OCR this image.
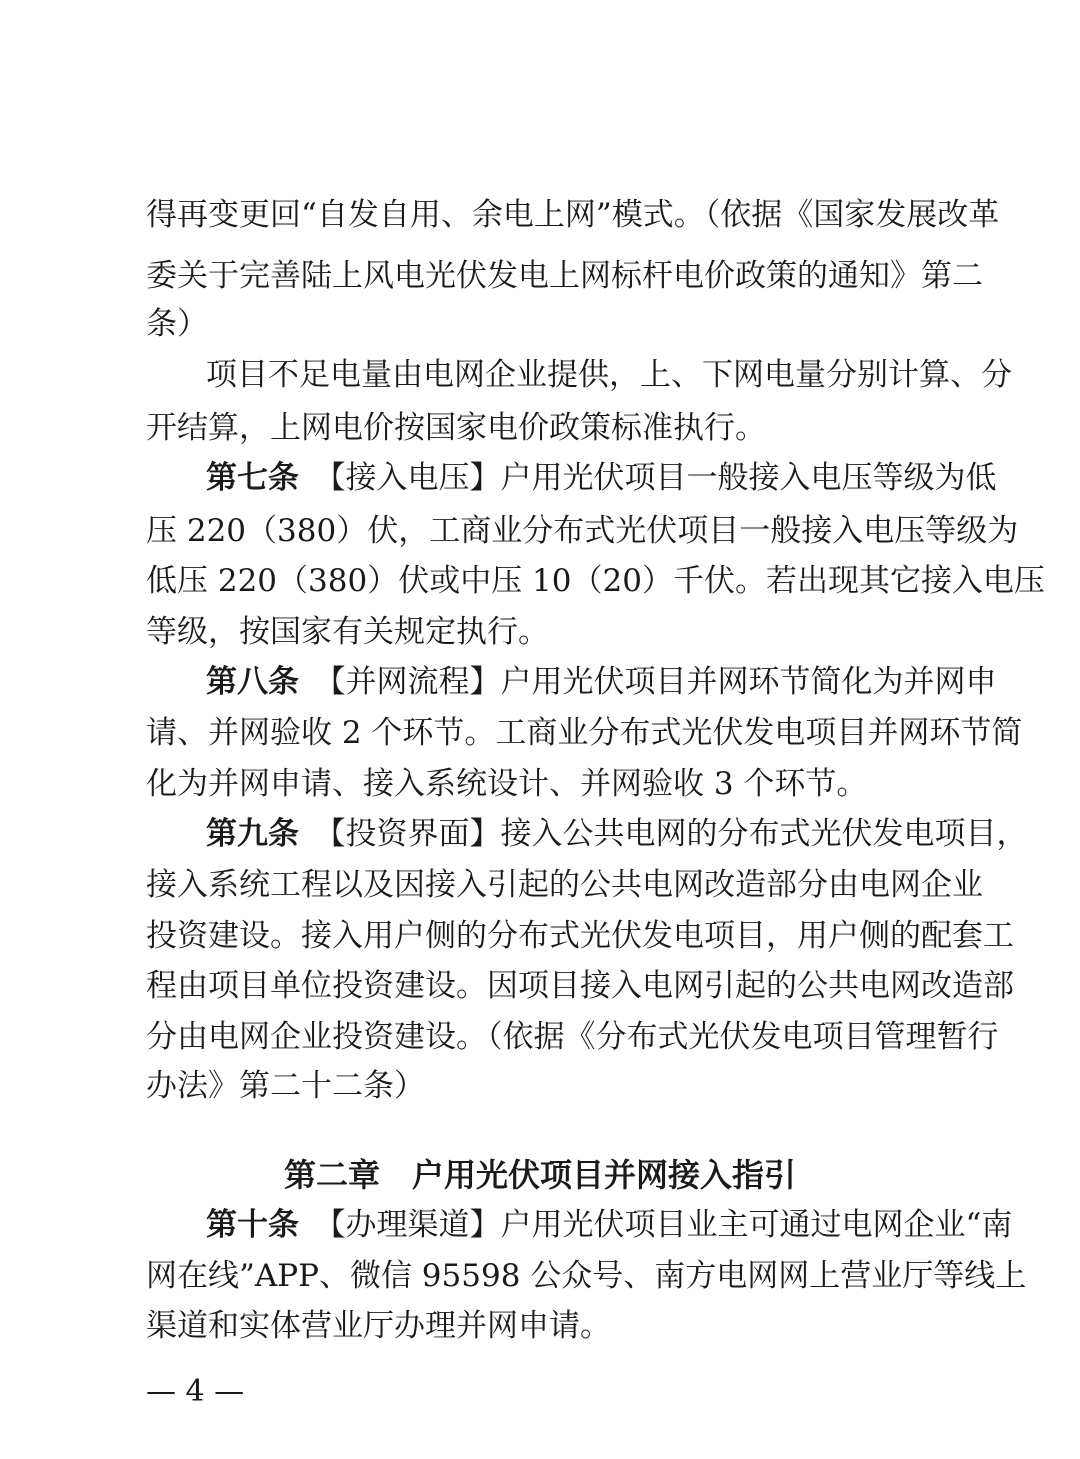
得再变更回“自发自用、余电上网”模式。（依据《国家发展改革
委关于完善陆上风电光伏发电上网标杆电价政策的通知》第二
条）
项目不足电量由电网企业提供，上、下网电量分别计算、分
开结算，上网电价按国家电价政策标准执行。
第七条　 【接入电压】户用光伏项目一般接入电压等级为低
压 220（380）伏，工商业分布式光伏项目一般接入电压等级为
低压 220（380）伏或中压 10（20）千伏。若出现其它接入电压
等级，按国家有关规定执行。
第八条　 【并网流程】户用光伏项目并网环节简化为并网申
请、并网验收 2 个环节。工商业分布式光伏发电项目并网环节简
化为并网申请、接入系统设计、并网验收 3 个环节。
第九条　 【投资界面】接入公共电网的分布式光伏发电项目，
接入系统工程以及因接入引起的公共电网改造部分由电网企业
投资建设。接入用户侧的分布式光伏发电项目，用户侧的配套工
程由项目单位投资建设。因项目接入电网引起的公共电网改造部
分由电网企业投资建设。（依据《分布式光伏发电项目管理暂行
办法》第二十二条）
第二章　户用光伏项目并网接入指引
第十条　 【办理渠道】户用光伏项目业主可通过电网企业“南
网在线”APP、微信 95598 公众号、南方电网网上营业厅等线上
渠道和实体营业厅办理并网申请。
— 4 —
